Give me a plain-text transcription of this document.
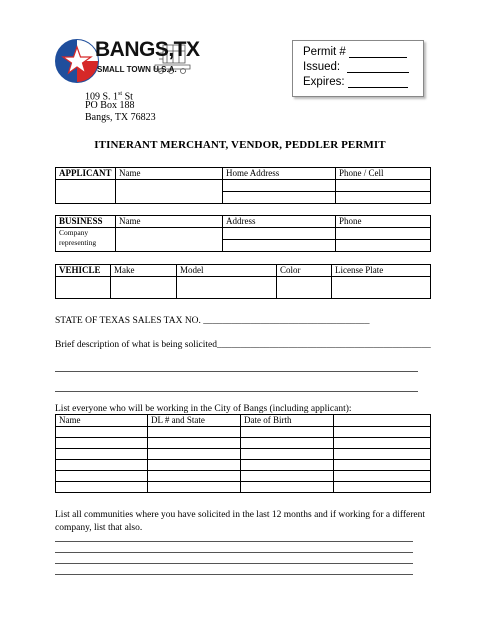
BANGS,TX
SMALL TOWN U.S.A.
109 S. 1st St
PO Box 188
Bangs, TX 76823
Permit #
Issued:
Expires:
ITINERANT MERCHANT, VENDOR, PEDDLER PERMIT
APPLICANT	Name	Home Address	Phone / Cell

BUSINESS	Name	Address	Phone

Company
representing			

VEHICLE	Make	Model	Color	License Plate

STATE OF TEXAS SALES TAX NO. ___________________________________
Brief description of what is being solicited_____________________________________________
List everyone who will be working in the City of Bangs (including applicant):
Name	DL # and State	Date of Birth	

List all communities where you have solicited in the last 12 months and if working for a different
company, list that also.
